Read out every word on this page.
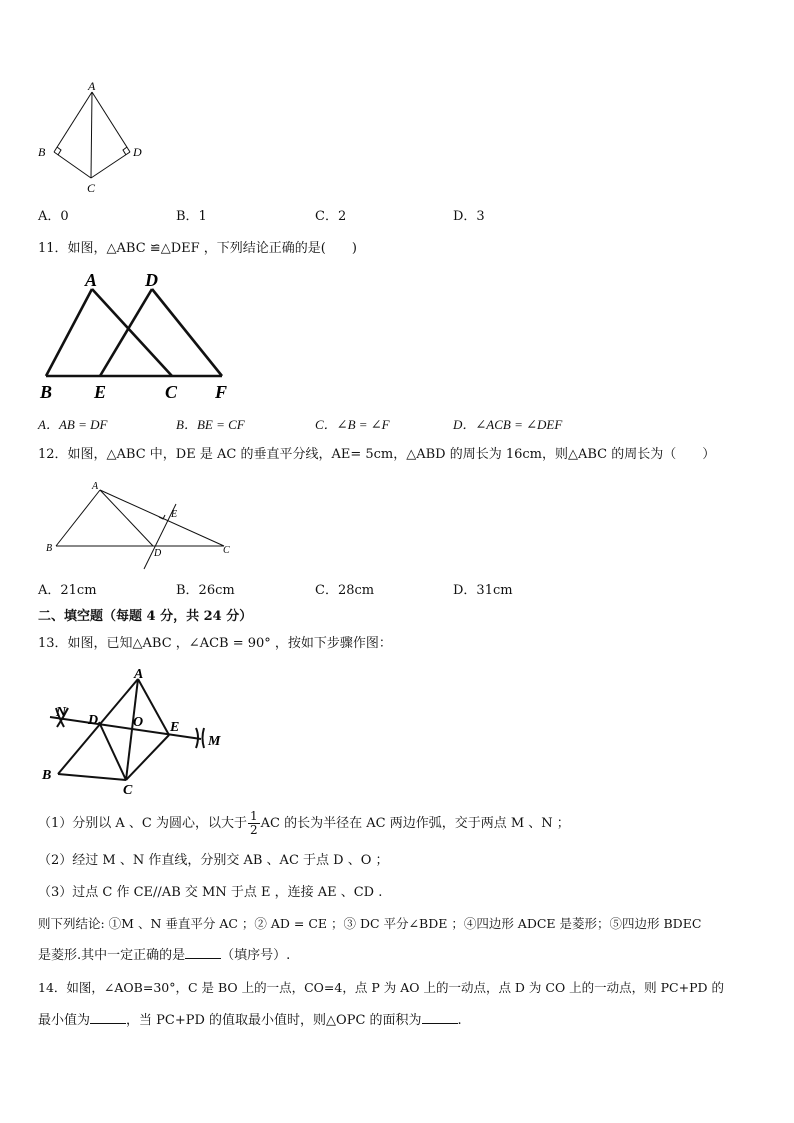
A
B
C
D
A．0	B．1	C．2	D．3
11．如图，△ABC ≌△DEF ，下列结论正确的是(　　)
A	D
B E	C F
A．AB = DF	B．BE = CF	C．∠B = ∠F	D．∠ACB = ∠DEF
12．如图，△ABC 中，DE 是 AC 的垂直平分线，AE= 5cm，△ABD 的周长为 16cm，则△ABC 的周长为（　　）
A
E
B	D	C
A．21cm	B．26cm	C．28cm	D．31cm
二、填空题（每题 4 分，共 24 分）
13．如图，已知△ABC ，∠ACB = 90° ，按如下步骤作图：
A
N
D O E
M
B
C
（1）分别以 A 、C 为圆心，以大于 $\frac{1}{2}$ AC 的长为半径在 AC 两边作弧，交于两点 M 、N ；
（2）经过 M 、N 作直线，分别交 AB 、AC 于点 D 、O ；
（3）过点 C 作 CE//AB 交 MN 于点 E ，连接 AE 、CD .
则下列结论: ①M 、N 垂直平分 AC ；② AD = CE ；③ DC 平分∠BDE ；④四边形 ADCE 是菱形；⑤四边形 BDEC
是菱形.其中一定正确的是	（填序号）.
14．如图，∠AOB=30°，C 是 BO 上的一点，CO=4，点 P 为 AO 上的一动点，点 D 为 CO 上的一动点，则 PC+PD 的
最小值为	，当 PC+PD 的值取最小值时，则△OPC 的面积为	.
